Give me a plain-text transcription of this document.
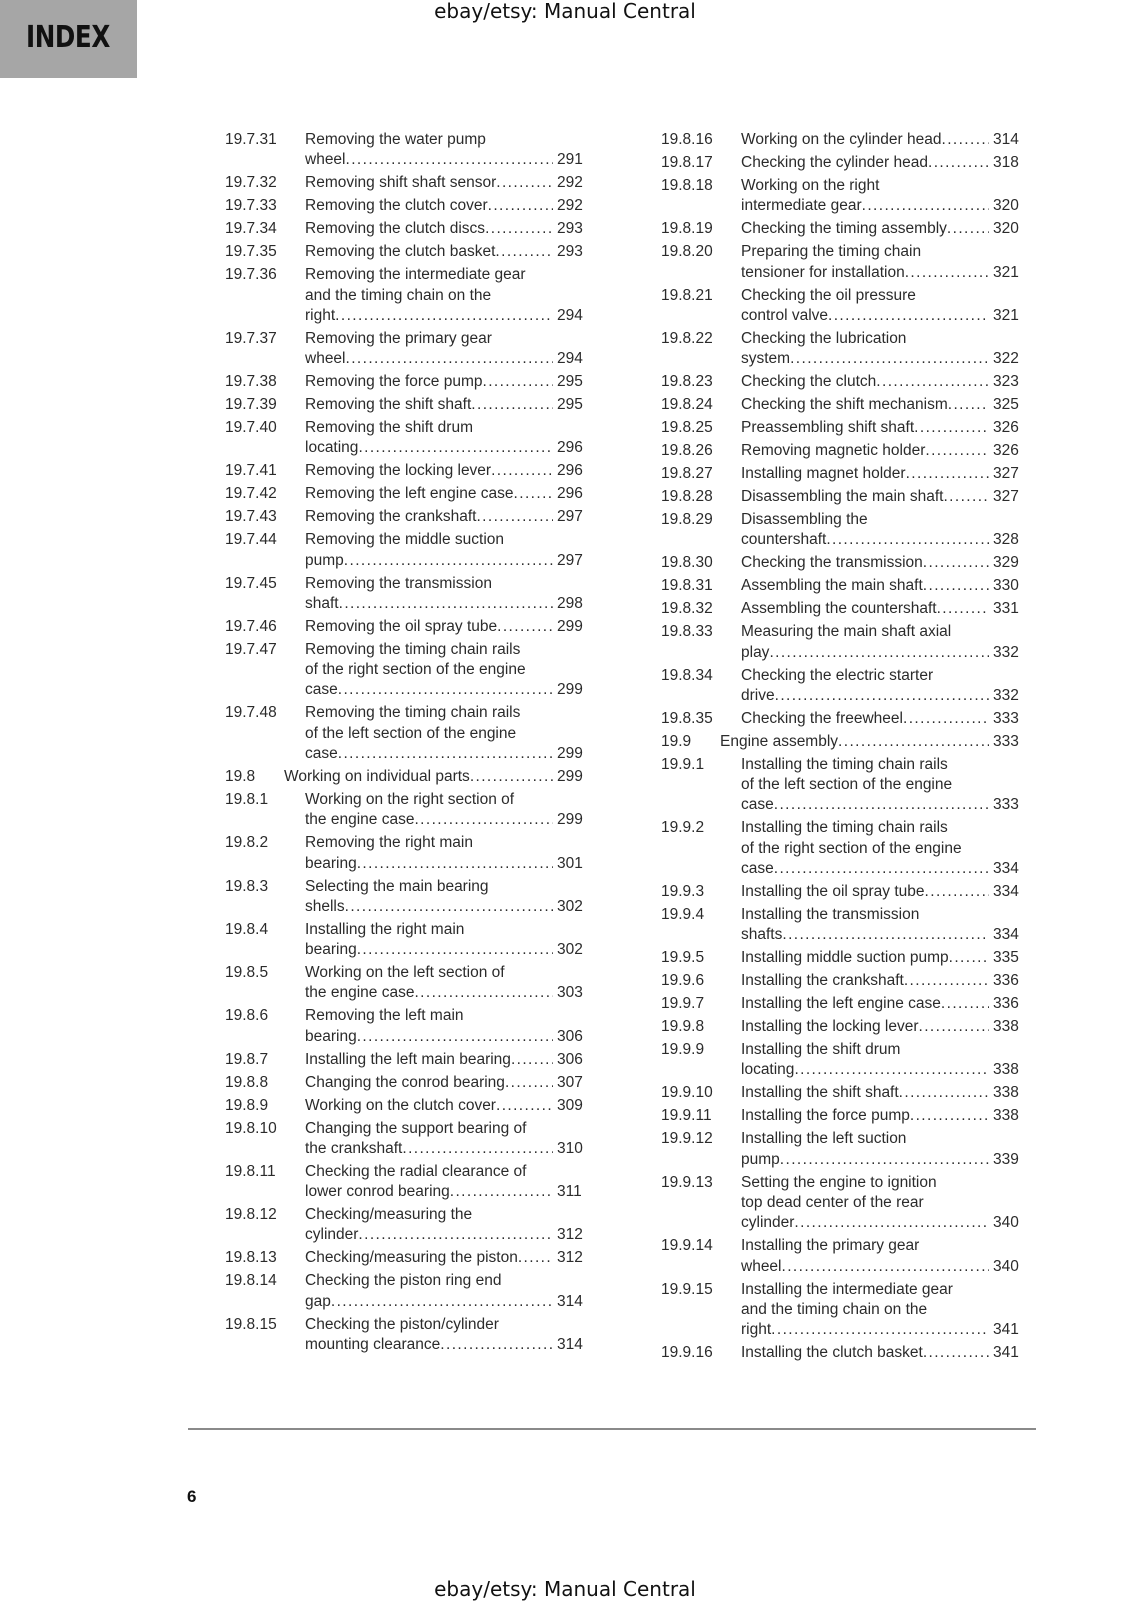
INDEX
ebay/etsy: Manual Central
19.7.31 Removing the water pump
wheel .....	291
19.7.32 Removing shift shaft sensor .....	292
19.7.33 Removing the clutch cover .....	292
19.7.34 Removing the clutch discs .....	293
19.7.35 Removing the clutch basket .....	293
19.7.36 Removing the intermediate gear
and the timing chain on the
right .....	294
19.7.37 Removing the primary gear
wheel .....	294
19.7.38 Removing the force pump .....	295
19.7.39 Removing the shift shaft .....	295
19.7.40 Removing the shift drum
locating .....	296
19.7.41 Removing the locking lever .....	296
19.7.42 Removing the left engine case .....	296
19.7.43 Removing the crankshaft .....	297
19.7.44 Removing the middle suction
pump .....	297
19.7.45 Removing the transmission
shaft .....	298
19.7.46 Removing the oil spray tube .....	299
19.7.47 Removing the timing chain rails
of the right section of the engine
case .....	299
19.7.48 Removing the timing chain rails
of the left section of the engine
case .....	299
19.8 Working on individual parts .....	299
19.8.1 Working on the right section of
the engine case .....	299
19.8.2 Removing the right main
bearing .....	301
19.8.3 Selecting the main bearing
shells .....	302
19.8.4 Installing the right main
bearing .....	302
19.8.5 Working on the left section of
the engine case .....	303
19.8.6 Removing the left main
bearing .....	306
19.8.7 Installing the left main bearing .....	306
19.8.8 Changing the conrod bearing .....	307
19.8.9 Working on the clutch cover .....	309
19.8.10 Changing the support bearing of
the crankshaft .....	310
19.8.11 Checking the radial clearance of
lower conrod bearing .....	311
19.8.12 Checking/measuring the
cylinder .....	312
19.8.13 Checking/measuring the piston .....	312
19.8.14 Checking the piston ring end
gap .....	314
19.8.15 Checking the piston/cylinder
mounting clearance .....	314
19.8.16 Working on the cylinder head .....	314
19.8.17 Checking the cylinder head .....	318
19.8.18 Working on the right
intermediate gear .....	320
19.8.19 Checking the timing assembly .....	320
19.8.20 Preparing the timing chain
tensioner for installation .....	321
19.8.21 Checking the oil pressure
control valve .....	321
19.8.22 Checking the lubrication
system .....	322
19.8.23 Checking the clutch .....	323
19.8.24 Checking the shift mechanism .....	325
19.8.25 Preassembling shift shaft .....	326
19.8.26 Removing magnetic holder .....	326
19.8.27 Installing magnet holder .....	327
19.8.28 Disassembling the main shaft .....	327
19.8.29 Disassembling the
countershaft .....	328
19.8.30 Checking the transmission .....	329
19.8.31 Assembling the main shaft .....	330
19.8.32 Assembling the countershaft .....	331
19.8.33 Measuring the main shaft axial
play .....	332
19.8.34 Checking the electric starter
drive .....	332
19.8.35 Checking the freewheel .....	333
19.9 Engine assembly .....	333
19.9.1 Installing the timing chain rails
of the left section of the engine
case .....	333
19.9.2 Installing the timing chain rails
of the right section of the engine
case .....	334
19.9.3 Installing the oil spray tube .....	334
19.9.4 Installing the transmission
shafts .....	334
19.9.5 Installing middle suction pump .....	335
19.9.6 Installing the crankshaft .....	336
19.9.7 Installing the left engine case .....	336
19.9.8 Installing the locking lever .....	338
19.9.9 Installing the shift drum
locating .....	338
19.9.10 Installing the shift shaft .....	338
19.9.11 Installing the force pump .....	338
19.9.12 Installing the left suction
pump .....	339
19.9.13 Setting the engine to ignition
top dead center of the rear
cylinder .....	340
19.9.14 Installing the primary gear
wheel .....	340
19.9.15 Installing the intermediate gear
and the timing chain on the
right .....	341
19.9.16 Installing the clutch basket .....	341
6
ebay/etsy: Manual Central
